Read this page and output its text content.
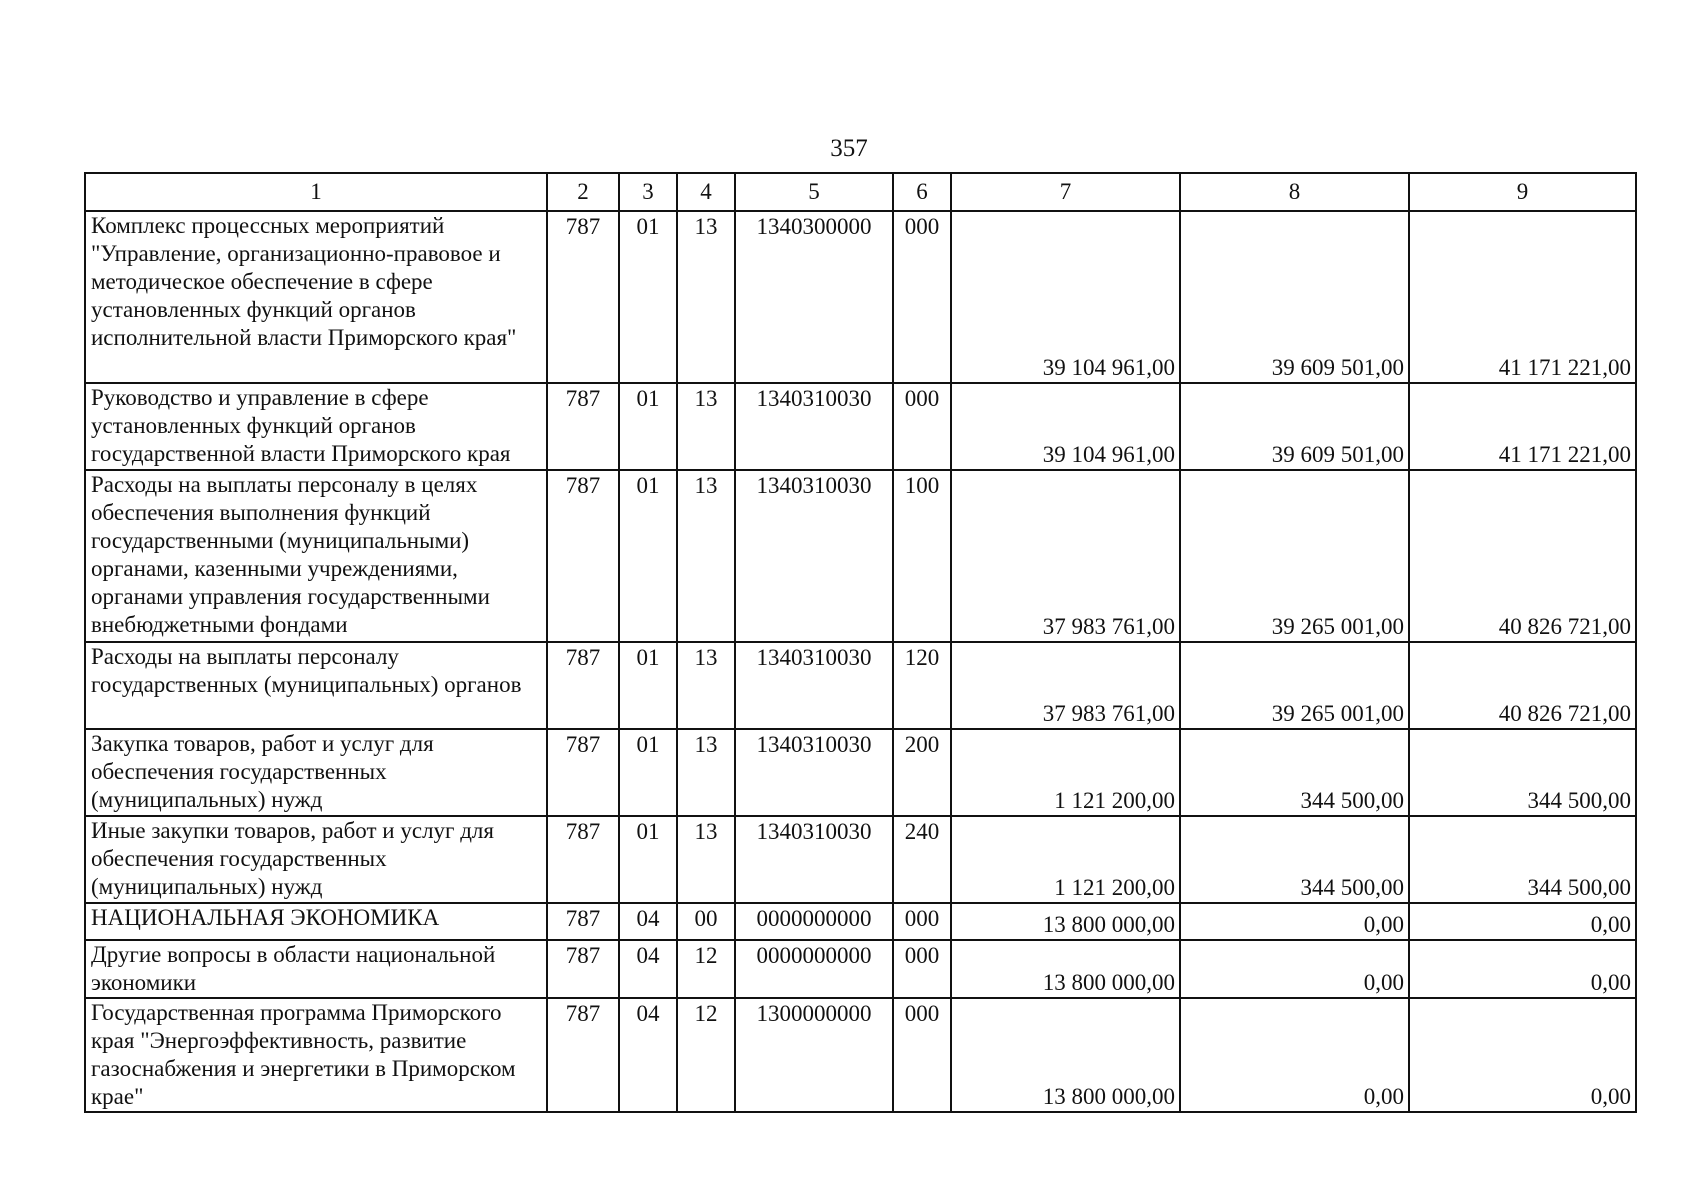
357
1	2	3	4	5	6	7	8	9
Комплекс процессных мероприятий "Управление, организационно-правовое и методическое обеспечение в сфере установленных функций органов исполнительной власти Приморского края"	787	01	13	1340300000	000	39 104 961,00	39 609 501,00	41 171 221,00
Руководство и управление в сфере установленных функций органов государственной власти Приморского края	787	01	13	1340310030	000	39 104 961,00	39 609 501,00	41 171 221,00
Расходы на выплаты персоналу в целях обеспечения выполнения функций государственными (муниципальными) органами, казенными учреждениями, органами управления государственными внебюджетными фондами	787	01	13	1340310030	100	37 983 761,00	39 265 001,00	40 826 721,00
Расходы на выплаты персоналу государственных (муниципальных) органов	787	01	13	1340310030	120	37 983 761,00	39 265 001,00	40 826 721,00
Закупка товаров, работ и услуг для обеспечения государственных (муниципальных) нужд	787	01	13	1340310030	200	1 121 200,00	344 500,00	344 500,00
Иные закупки товаров, работ и услуг для обеспечения государственных (муниципальных) нужд	787	01	13	1340310030	240	1 121 200,00	344 500,00	344 500,00
НАЦИОНАЛЬНАЯ ЭКОНОМИКА	787	04	00	0000000000	000	13 800 000,00	0,00	0,00
Другие вопросы в области национальной экономики	787	04	12	0000000000	000	13 800 000,00	0,00	0,00
Государственная программа Приморского края "Энергоэффективность, развитие газоснабжения и энергетики в Приморском крае"	787	04	12	1300000000	000	13 800 000,00	0,00	0,00
